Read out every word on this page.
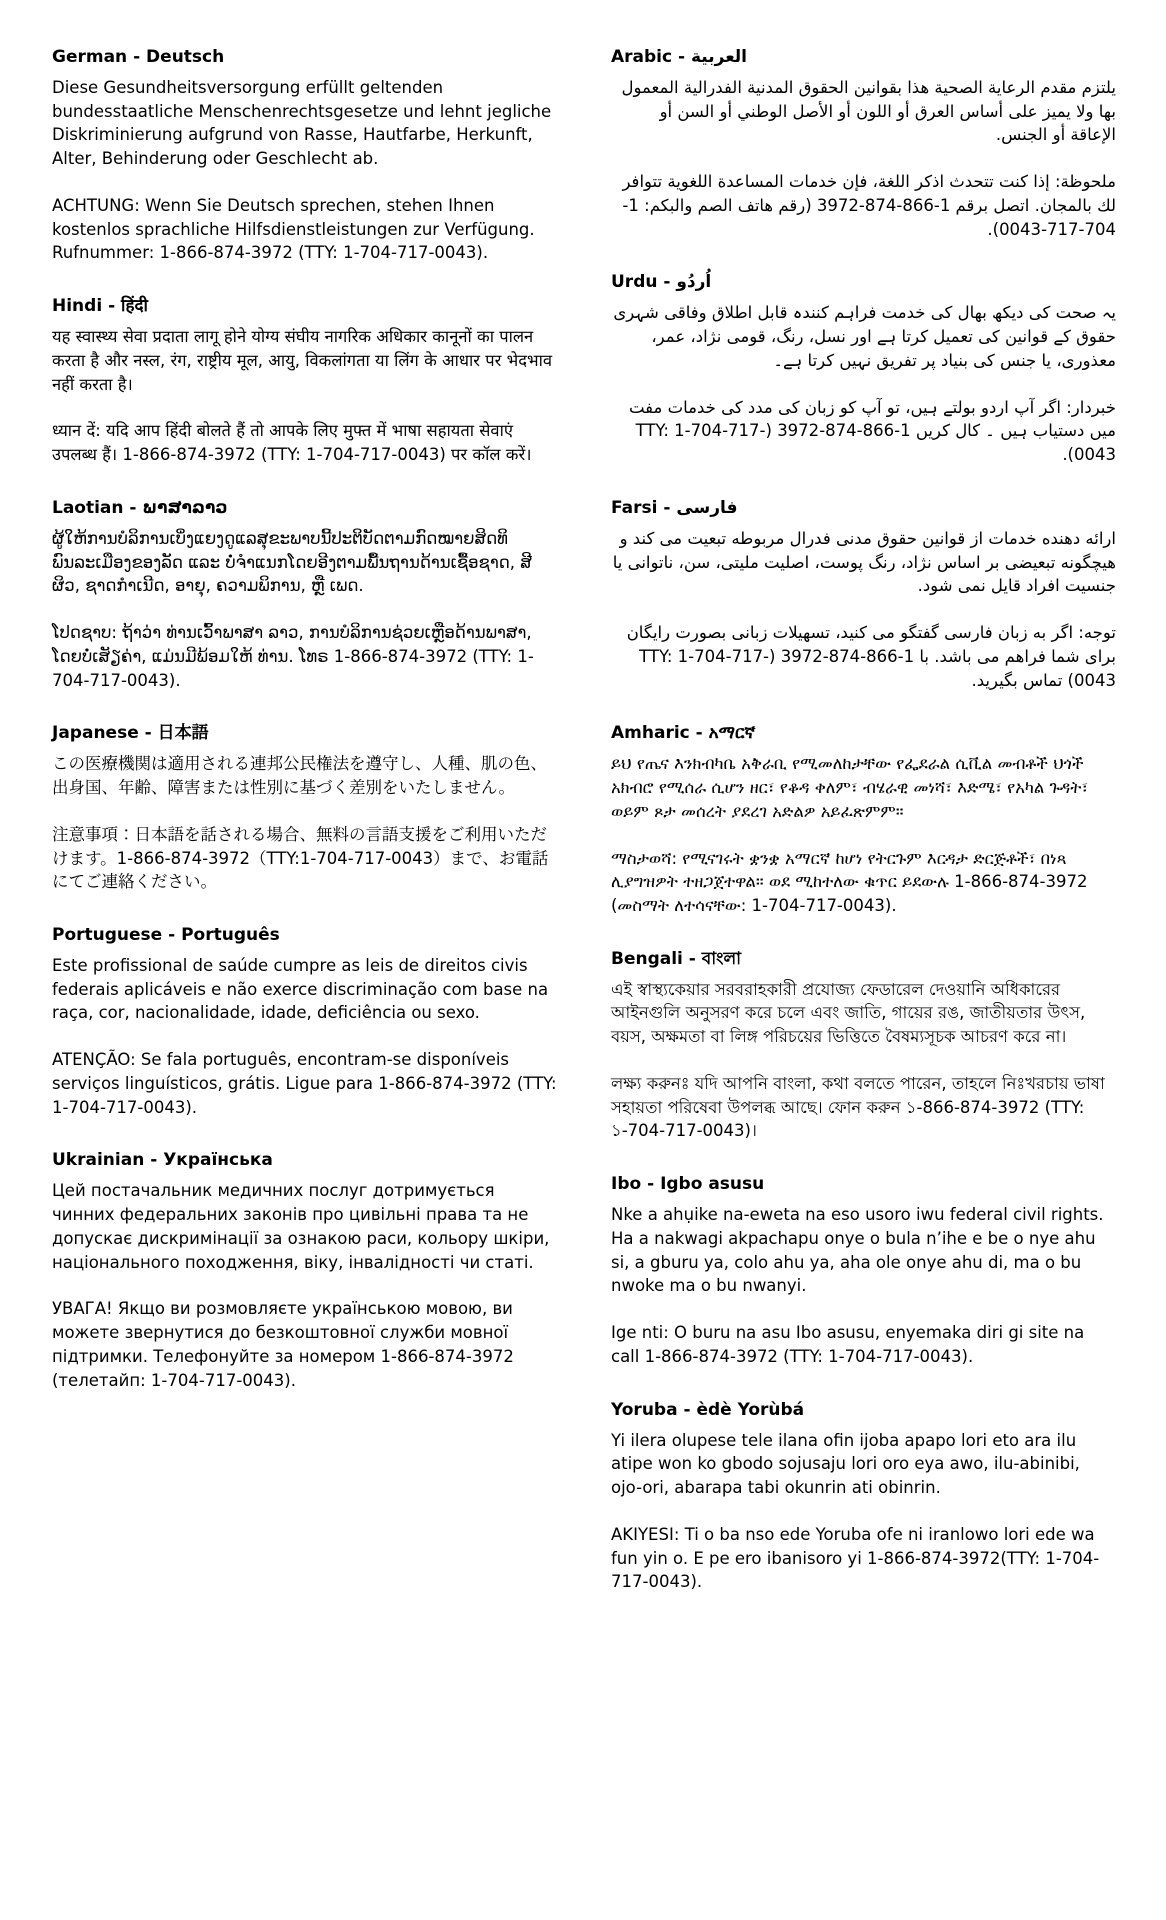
German - Deutsch

Diese Gesundheitsversorgung erfüllt geltenden bundesstaatliche Menschenrechtsgesetze und lehnt jegliche Diskriminierung aufgrund von Rasse, Hautfarbe, Herkunft, Alter, Behinderung oder Geschlecht ab.

ACHTUNG: Wenn Sie Deutsch sprechen, stehen Ihnen kostenlos sprachliche Hilfsdienstleistungen zur Verfügung. Rufnummer: 1-866-874-3972 (TTY: 1-704-717-0043).

Hindi - हिंदी

यह स्वास्थ्य सेवा प्रदाता लागू होने योग्य संघीय नागरिक अधिकार कानूनों का पालन करता है और नस्ल, रंग, राष्ट्रीय मूल, आयु, विकलांगता या लिंग के आधार पर भेदभाव नहीं करता है।

ध्यान दें: यदि आप हिंदी बोलते हैं तो आपके लिए मुफ्त में भाषा सहायता सेवाएं उपलब्ध हैं। 1-866-874-3972 (TTY: 1-704-717-0043) पर कॉल करें।

Laotian - ພາສາລາວ

ຜູ້ໃຫ້ການບໍລິການເບິ່ງແຍງດູແລສຸຂະພາບນີ້ປະຕິບັດຕາມກົດໝາຍສິດທິພົນລະເມືອງຂອງລັດ ແລະ ບໍ່ຈຳແນກໂດຍອີງຕາມພື້ນຖານດ້ານເຊື້ອຊາດ, ສີຜິວ, ຊາດກຳເນີດ, ອາຍຸ, ຄວາມພິການ, ຫຼື ເພດ.

ໂປດຊາບ: ຖ້າວ່າ ທ່ານເວົ້າພາສາ ລາວ, ການບໍລິການຊ່ວຍເຫຼືອດ້ານພາສາ, ໂດຍບໍ່ເສັຽຄ່າ, ແມ່ນມີພ້ອມໃຫ້ ທ່ານ. ໂທຣ 1-866-874-3972 (TTY: 1-704-717-0043).

Japanese - 日本語

この医療機関は適用される連邦公民権法を遵守し、人種、肌の色、出身国、年齢、障害または性別に基づく差別をいたしません。

注意事項：日本語を話される場合、無料の言語支援をご利用いただけます。1-866-874-3972（TTY:1-704-717-0043）まで、お電話にてご連絡ください。

Portuguese - Português

Este profissional de saúde cumpre as leis de direitos civis federais aplicáveis e não exerce discriminação com base na raça, cor, nacionalidade, idade, deficiência ou sexo.

ATENÇÃO: Se fala português, encontram-se disponíveis serviços linguísticos, grátis. Ligue para 1-866-874-3972 (TTY: 1-704-717-0043).

Ukrainian - Українська

Цей постачальник медичних послуг дотримується чинних федеральних законів про цивільні права та не допускає дискримінації за ознакою раси, кольору шкіри, національного походження, віку, інвалідності чи статі.

УВАГА! Якщо ви розмовляєте українською мовою, ви можете звернутися до безкоштовної служби мовної підтримки. Телефонуйте за номером 1-866-874-3972 (телетайп: 1-704-717-0043).

Arabic - العربية

يلتزم مقدم الرعاية الصحية هذا بقوانين الحقوق المدنية الفدرالية المعمول بها ولا يميز على أساس العرق أو اللون أو الأصل الوطني أو السن أو الإعاقة أو الجنس.

ملحوظة: إذا كنت تتحدث اذكر اللغة، فإن خدمات المساعدة اللغوية تتوافر لك بالمجان. اتصل برقم 1-866-874-3972 (رقم هاتف الصم والبكم: 1-704-717-0043).

Urdu - اُردُو

یہ صحت کی دیکھ بھال کی خدمت فراہم کنندہ قابل اطلاق وفاقی شہری حقوق کے قوانین کی تعمیل کرتا ہے اور نسل، رنگ، قومی نژاد، عمر، معذوری، یا جنس کی بنیاد پر تفریق نہیں کرتا ہے۔

خبردار: اگر آپ اردو بولتے ہیں، تو آپ کو زبان کی مدد کی خدمات مفت میں دستیاب ہیں ۔ کال کریں 1-866-874-3972 (TTY: 1-704-717-0043).

Farsi - فارسی

ارائه دهنده خدمات از قوانین حقوق مدنی فدرال مربوطه تبعیت می کند و هیچگونه تبعیضی بر اساس نژاد، رنگ پوست، اصلیت ملیتی، سن، ناتوانی یا جنسیت افراد قایل نمی شود.

توجه: اگر به زبان فارسی گفتگو می کنید، تسهیلات زبانی بصورت رایگان برای شما فراهم می باشد. با 1-866-874-3972 (TTY: 1-704-717-0043) تماس بگیرید.

Amharic - አማርኛ

ይህ የጤና እንክብካቤ አቅራቢ የሚመለከታቸው የፌደራል ሲቪል መብቶች ህጎች አክብሮ የሚሰራ ሲሆን ዘር፣ የቆዳ ቀለም፣ ብሄራዊ መነሻ፣ እድሜ፣ የአካል ጉዳት፣ ወይም ጾታ መሰረት ያደረገ አድልዎ አይፈጽምም።

ማስታወሻ: የሚናገሩት ቋንቋ አማርኛ ከሆነ የትርጉም እርዳታ ድርጅቶች፣ በነጻ ሊያግዝዎት ተዘጋጀተዋል። ወደ ሚከተለው ቁጥር ይደውሉ 1-866-874-3972 (መስማት ለተሳናቸው: 1-704-717-0043).

Bengali - বাংলা

এই স্বাস্থ্যকেয়ার সরবরাহকারী প্রযোজ্য ফেডারেল দেওয়ানি অধিকারের আইনগুলি অনুসরণ করে চলে এবং জাতি, গায়ের রঙ, জাতীয়তার উৎস, বয়স, অক্ষমতা বা লিঙ্গ পরিচয়ের ভিত্তিতে বৈষম্যসূচক আচরণ করে না।

লক্ষ্য করুনঃ যদি আপনি বাংলা, কথা বলতে পারেন, তাহলে নিঃখরচায় ভাষা সহায়তা পরিষেবা উপলব্ধ আছে। ফোন করুন ১-866-874-3972 (TTY: ১-704-717-0043)।

Ibo - Igbo asusu

Nke a ahụike na-eweta na eso usoro iwu federal civil rights. Ha a nakwagi akpachapu onye o bula n’ihe e be o nye ahu si, a gburu ya, colo ahu ya, aha ole onye ahu di, ma o bu nwoke ma o bu nwanyi.

Ige nti: O buru na asu Ibo asusu, enyemaka diri gi site na call 1-866-874-3972 (TTY: 1-704-717-0043).

Yoruba - èdè Yorùbá

Yi ilera olupese tele ilana ofin ijoba apapo lori eto ara ilu atipe won ko gbodo sojusaju lori oro eya awo, ilu-abinibi, ojo-ori, abarapa tabi okunrin ati obinrin.

AKIYESI: Ti o ba nso ede Yoruba ofe ni iranlowo lori ede wa fun yin o. E pe ero ibanisoro yi 1-866-874-3972(TTY: 1-704-717-0043).
